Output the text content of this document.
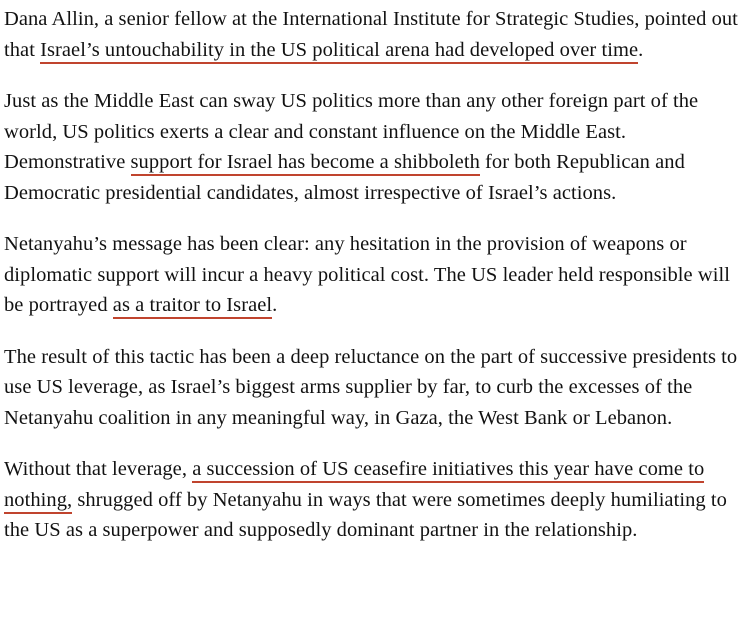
Dana Allin, a senior fellow at the International Institute for Strategic Studies, pointed out that Israel’s untouchability in the US political arena had developed over time.

Just as the Middle East can sway US politics more than any other foreign part of the world, US politics exerts a clear and constant influence on the Middle East. Demonstrative support for Israel has become a shibboleth for both Republican and Democratic presidential candidates, almost irrespective of Israel’s actions.

Netanyahu’s message has been clear: any hesitation in the provision of weapons or diplomatic support will incur a heavy political cost. The US leader held responsible will be portrayed as a traitor to Israel.

The result of this tactic has been a deep reluctance on the part of successive presidents to use US leverage, as Israel’s biggest arms supplier by far, to curb the excesses of the Netanyahu coalition in any meaningful way, in Gaza, the West Bank or Lebanon.

Without that leverage, a succession of US ceasefire initiatives this year have come to nothing, shrugged off by Netanyahu in ways that were sometimes deeply humiliating to the US as a superpower and supposedly dominant partner in the relationship.
